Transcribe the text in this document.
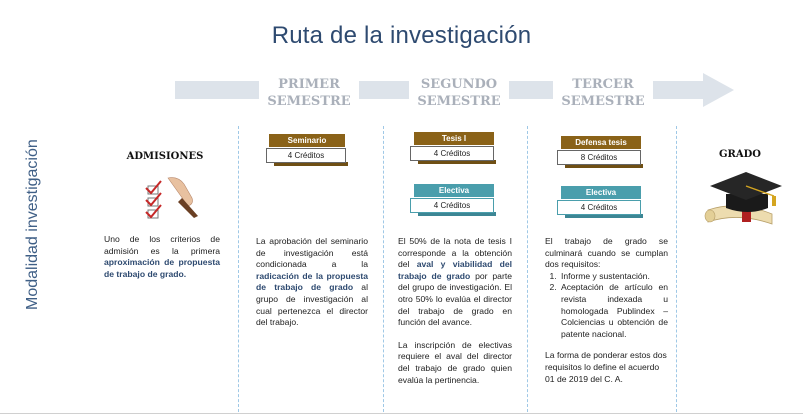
Ruta de la investigación
Modalidad investigación
PRIMER SEMESTRE
SEGUNDO SEMESTRE
TERCER SEMESTRE
ADMISIONES
Uno de los criterios de admisión es la primera aproximación de propuesta de trabajo de grado.
Seminario
4 Créditos
La aprobación del seminario de investigación está condicionada a la radicación de la propuesta de trabajo de grado al grupo de investigación al cual pertenezca el director del trabajo.
Tesis I
4 Créditos
Electiva
4 Créditos

El 50% de la nota de tesis I corresponde a la obtención del aval y viabilidad del trabajo de grado por parte del grupo de investigación. El otro 50% lo evalúa el director del trabajo de grado en función del avance.

La inscripción de electivas requiere el aval del director del trabajo de grado quien evalúa la pertinencia.

Defensa tesis
8 Créditos
Electiva
4 Créditos

El trabajo de grado se culminará cuando se cumplan dos requisitos:

1. Informe y sustentación.
2. Aceptación de artículo en revista indexada u homologada Publindex – Colciencias u obtención de patente nacional.

La forma de ponderar estos dos requisitos lo define el acuerdo 01 de 2019 del C. A.

GRADO
